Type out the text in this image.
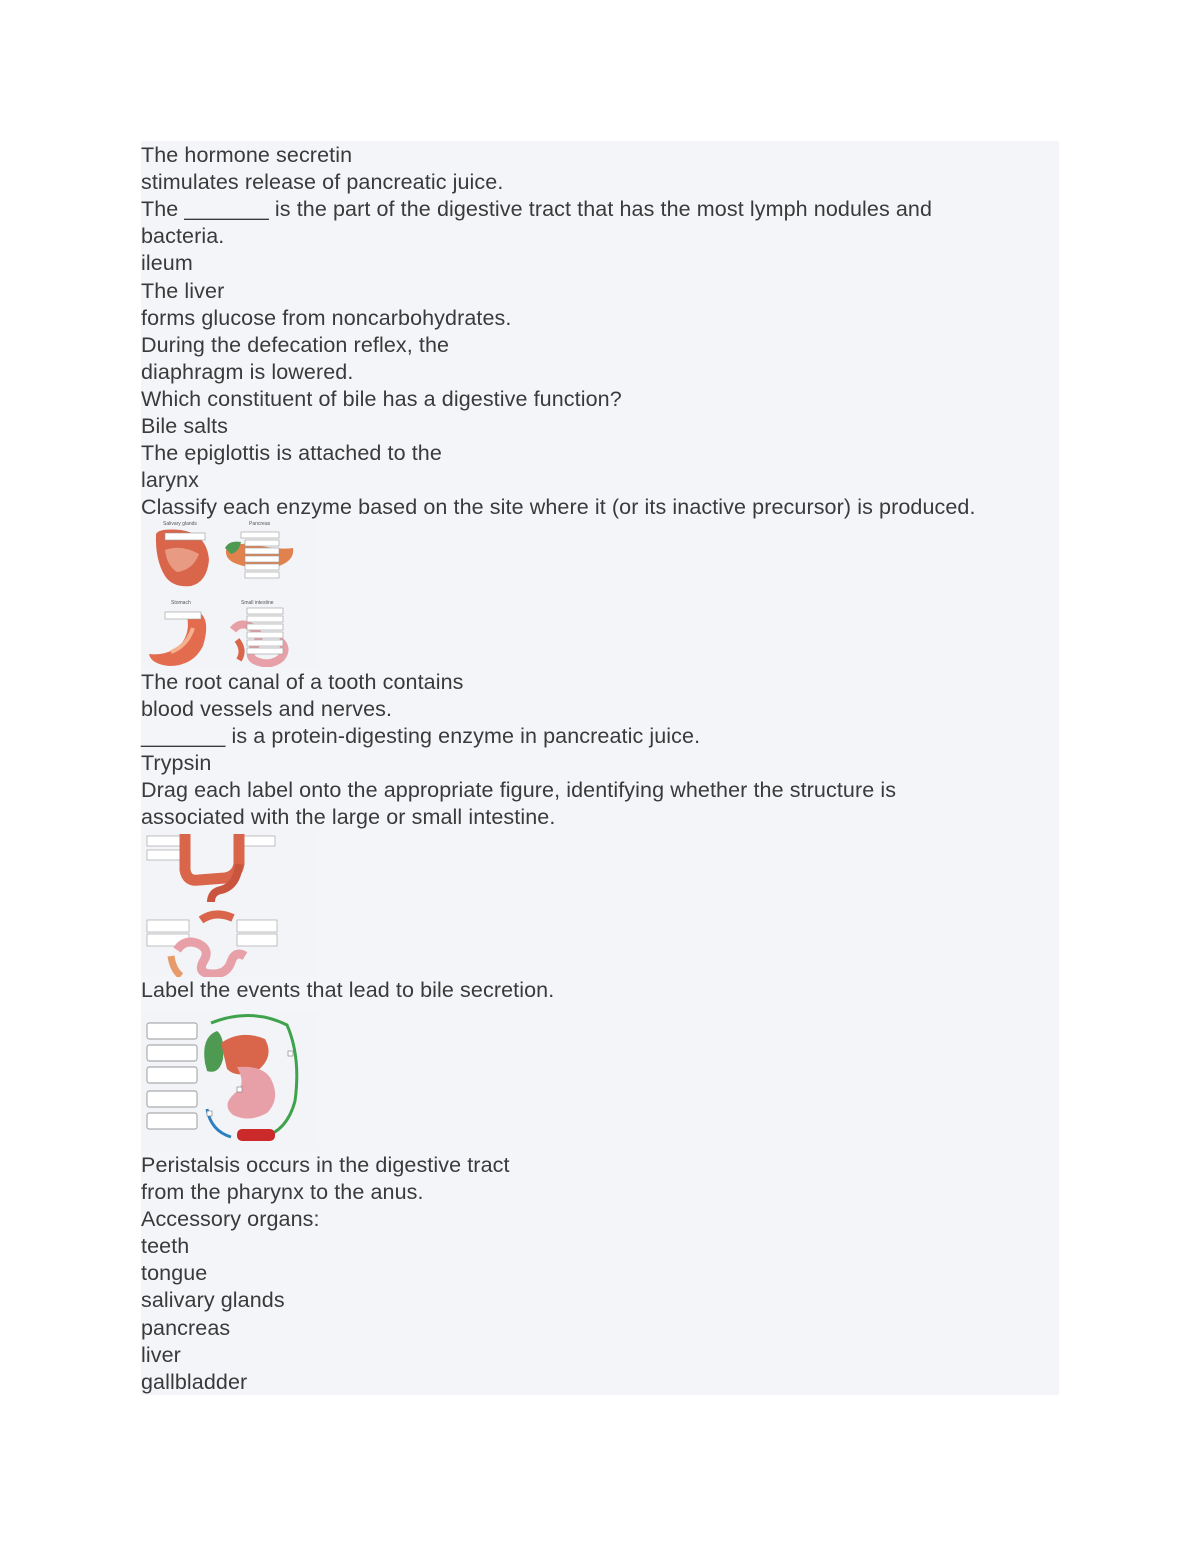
The hormone secretin
stimulates release of pancreatic juice.
The _______ is the part of the digestive tract that has the most lymph nodules and
bacteria.
ileum
The liver
forms glucose from noncarbohydrates.
During the defecation reflex, the
diaphragm is lowered.
Which constituent of bile has a digestive function?
Bile salts
The epiglottis is attached to the
larynx
Classify each enzyme based on the site where it (or its inactive precursor) is produced.
Salivary glands	Pancreas
Stomach	Small intestine
The root canal of a tooth contains
blood vessels and nerves.
_______ is a protein-digesting enzyme in pancreatic juice.
Trypsin
Drag each label onto the appropriate figure, identifying whether the structure is
associated with the large or small intestine.
Label the events that lead to bile secretion.
Peristalsis occurs in the digestive tract
from the pharynx to the anus.
Accessory organs:
teeth
tongue
salivary glands
pancreas
liver
gallbladder
